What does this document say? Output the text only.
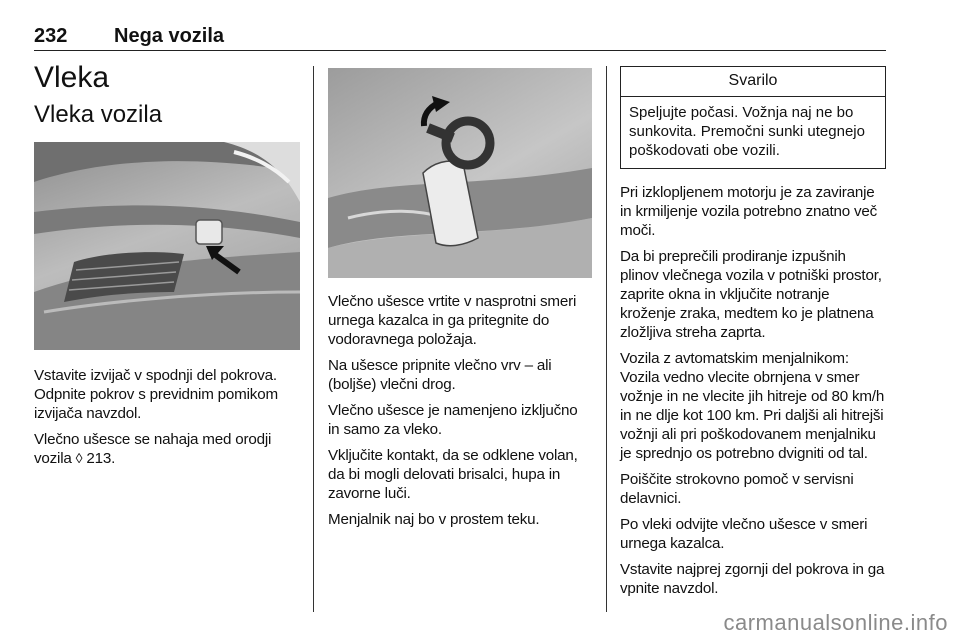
232 Nega vozila
Vleka
Vleka vozila

Vstavite izvijač v spodnji del pokrova. Odpnite pokrov s previdnim pomikom izvijača navzdol.

Vlečno ušesce se nahaja med orodji vozila ◊ 213.

Vlečno ušesce vrtite v nasprotni smeri urnega kazalca in ga pritegnite do vodoravnega položaja.

Na ušesce pripnite vlečno vrv – ali (boljše) vlečni drog.

Vlečno ušesce je namenjeno izključno in samo za vleko.

Vključite kontakt, da se odklene volan, da bi mogli delovati brisalci, hupa in zavorne luči.

Menjalnik naj bo v prostem teku.

Svarilo
Speljujte počasi. Vožnja naj ne bo sunkovita. Premočni sunki utegnejo poškodovati obe vozili.

Pri izklopljenem motorju je za zaviranje in krmiljenje vozila potrebno znatno več moči.

Da bi preprečili prodiranje izpušnih plinov vlečnega vozila v potniški prostor, zaprite okna in vključite notranje kroženje zraka, medtem ko je platnena zložljiva streha zaprta.

Vozila z avtomatskim menjalnikom: Vozila vedno vlecite obrnjena v smer vožnje in ne vlecite jih hitreje od 80 km/h in ne dlje kot 100 km. Pri daljši ali hitrejši vožnji ali pri poškodovanem menjalniku je sprednjo os potrebno dvigniti od tal.

Poiščite strokovno pomoč v servisni delavnici.

Po vleki odvijte vlečno ušesce v smeri urnega kazalca.

Vstavite najprej zgornji del pokrova in ga vpnite navzdol.

carmanualsonline.info
